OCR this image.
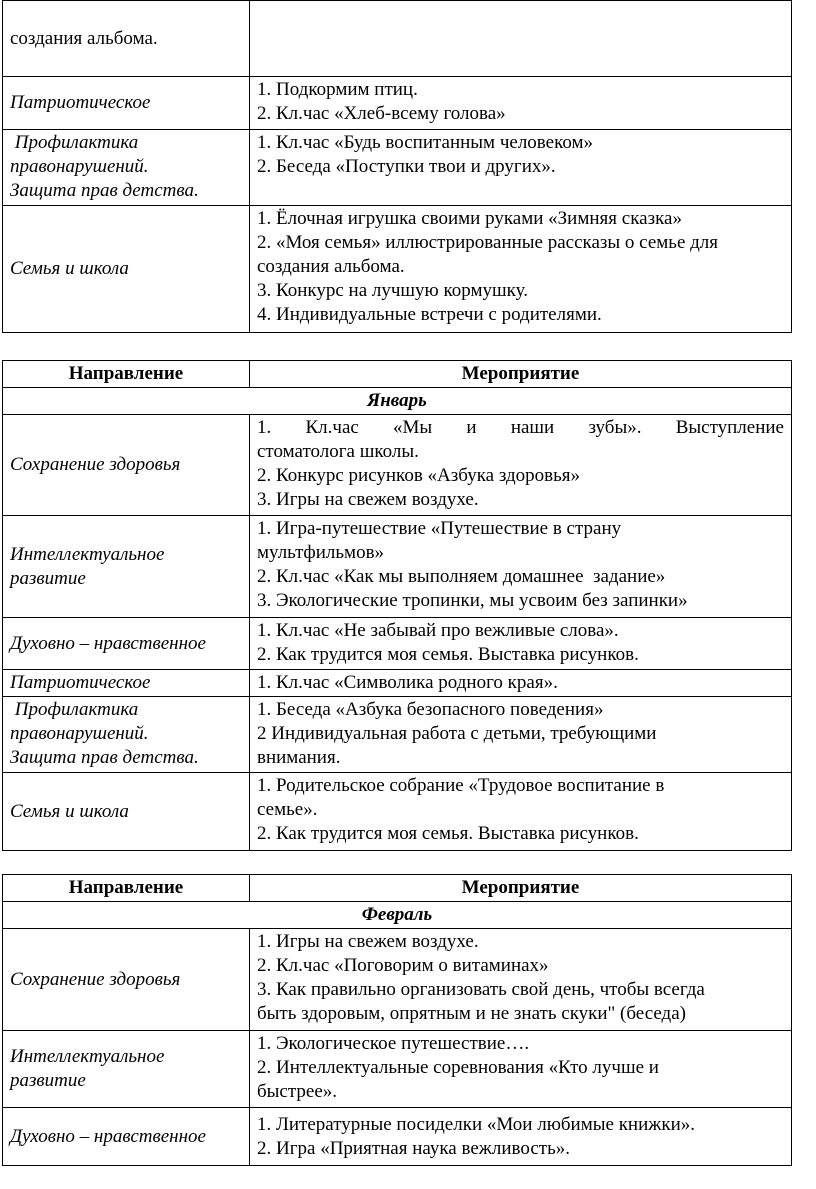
создания альбома.	

Патриотическое	1. Подкормим птиц.
2. Кл.час «Хлеб-всему голова»

Профилактика
правонарушений.
Защита прав детства.	1. Кл.час «Будь воспитанным человеком»
2. Беседа «Поступки твои и других».

Семья и школа	1. Ёлочная игрушка своими руками «Зимняя сказка»
2. «Моя семья» иллюстрированные рассказы о семье для
создания альбома.
3. Конкурс на лучшую кормушку.
4. Индивидуальные встречи с родителями.
Направление	Мероприятие
Январь	
Сохранение здоровья	1. Кл.час «Мы и наши зубы». Выступление
стоматолога школы.
2. Конкурс рисунков «Азбука здоровья»
3. Игры на свежем воздухе.

Интеллектуальное
развитие	1. Игра-путешествие «Путешествие в страну
мультфильмов»
2. Кл.час «Как мы выполняем домашнее  задание»
3. Экологические тропинки, мы усвоим без запинки»

Духовно – нравственное	1. Кл.час «Не забывай про вежливые слова».
2. Как трудится моя семья. Выставка рисунков.

Патриотическое	1. Кл.час «Символика родного края».

Профилактика
правонарушений.
Защита прав детства.	1. Беседа «Азбука безопасного поведения»
2 Индивидуальная работа с детьми, требующими
внимания.

Семья и школа	1. Родительское собрание «Трудовое воспитание в
семье».
2. Как трудится моя семья. Выставка рисунков.
Направление	Мероприятие
Февраль	
Сохранение здоровья	1. Игры на свежем воздухе.
2. Кл.час «Поговорим о витаминах»
3. Как правильно организовать свой день, чтобы всегда
быть здоровым, опрятным и не знать скуки" (беседа)

Интеллектуальное
развитие	1. Экологическое путешествие….
2. Интеллектуальные соревнования «Кто лучше и
быстрее».

Духовно – нравственное	1. Литературные посиделки «Мои любимые книжки».
2. Игра «Приятная наука вежливость».
